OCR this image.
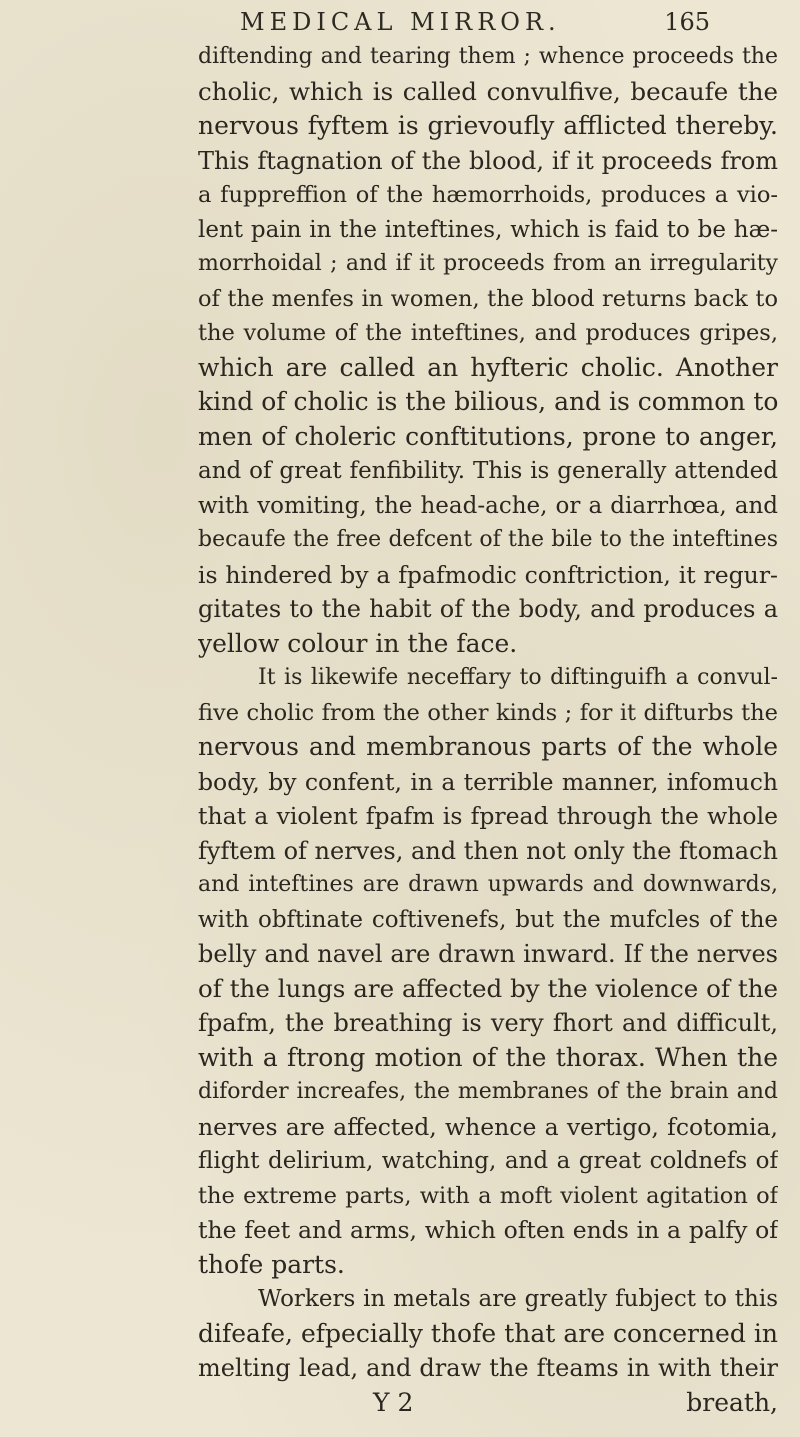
MEDICAL MIRROR.	165
diftending and tearing them ; whence proceeds the
cholic, which is called convulfive, becaufe the
nervous fyftem is grievoufly afflicted thereby.
This ftagnation of the blood, if it proceeds from
a fuppreffion of the hæmorrhoids, produces a vio-
lent pain in the inteftines, which is faid to be hæ-
morrhoidal ; and if it proceeds from an irregularity
of the menfes in women, the blood returns back to
the volume of the inteftines, and produces gripes,
which are called an hyfteric cholic. Another
kind of cholic is the bilious, and is common to
men of choleric conftitutions, prone to anger,
and of great fenfibility. This is generally attended
with vomiting, the head-ache, or a diarrhœa, and
becaufe the free defcent of the bile to the inteftines
is hindered by a fpafmodic conftriction, it regur-
gitates to the habit of the body, and produces a
yellow colour in the face.
It is likewife neceffary to diftinguifh a convul-
five cholic from the other kinds ; for it difturbs the
nervous and membranous parts of the whole
body, by confent, in a terrible manner, infomuch
that a violent fpafm is fpread through the whole
fyftem of nerves, and then not only the ftomach
and inteftines are drawn upwards and downwards,
with obftinate coftivenefs, but the mufcles of the
belly and navel are drawn inward. If the nerves
of the lungs are affected by the violence of the
fpafm, the breathing is very fhort and difficult,
with a ftrong motion of the thorax. When the
diforder increafes, the membranes of the brain and
nerves are affected, whence a vertigo, fcotomia,
flight delirium, watching, and a great coldnefs of
the extreme parts, with a moft violent agitation of
the feet and arms, which often ends in a palfy of
thofe parts.
Workers in metals are greatly fubject to this
difeafe, efpecially thofe that are concerned in
melting lead, and draw the fteams in with their
Y 2	breath,
